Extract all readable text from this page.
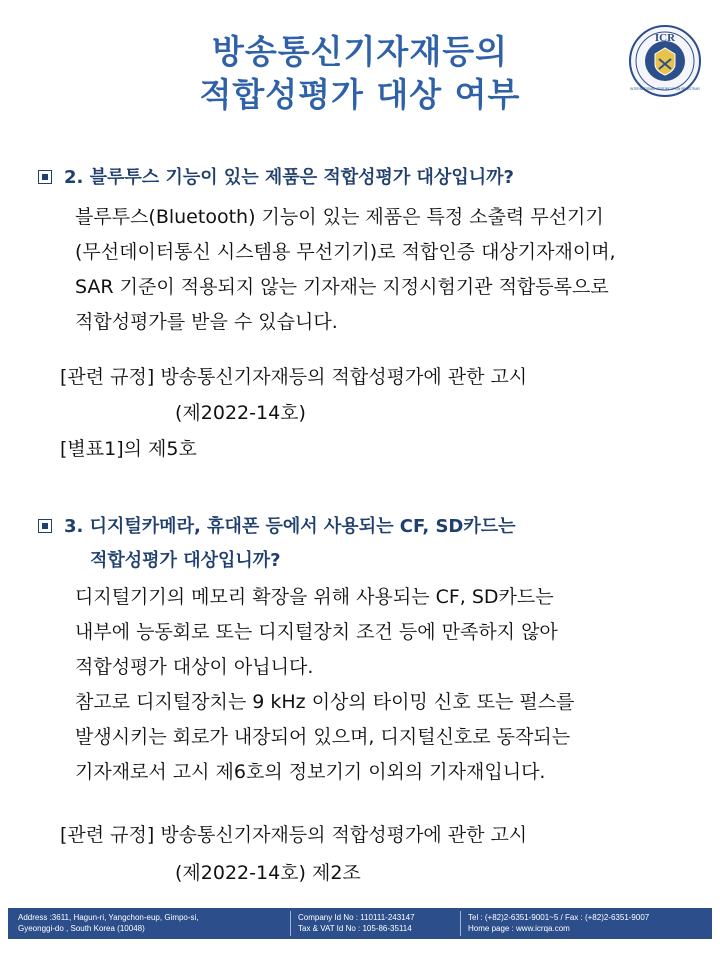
방송통신기자재등의
적합성평가 대상 여부
ICR
INTERNATIONAL CERTIFICATION REGISTRAR
2. 블루투스 기능이 있는 제품은 적합성평가 대상입니까?
블루투스(Bluetooth) 기능이 있는 제품은 특정 소출력 무선기기
(무선데이터통신 시스템용 무선기기)로 적합인증 대상기자재이며,
SAR 기준이 적용되지 않는 기자재는 지정시험기관 적합등록으로
적합성평가를 받을 수 있습니다.
[관련 규정] 방송통신기자재등의 적합성평가에 관한 고시
(제2022-14호)
[별표1]의 제5호
3. 디지털카메라, 휴대폰 등에서 사용되는 CF, SD카드는
적합성평가 대상입니까?
디지털기기의 메모리 확장을 위해 사용되는 CF, SD카드는
내부에 능동회로 또는 디지털장치 조건 등에 만족하지 않아
적합성평가 대상이 아닙니다.
참고로 디지털장치는 9 kHz 이상의 타이밍 신호 또는 펄스를
발생시키는 회로가 내장되어 있으며, 디지털신호로 동작되는
기자재로서 고시 제6호의 정보기기 이외의 기자재입니다.
[관련 규정] 방송통신기자재등의 적합성평가에 관한 고시
(제2022-14호) 제2조
Address :3611, Hagun-ri, Yangchon-eup, Gimpo-si,
Gyeonggi-do , South Korea (10048)
Company Id No : 110111-243147
Tax & VAT Id No : 105-86-35114
Tel : (+82)2-6351-9001~5 / Fax : (+82)2-6351-9007
Home page : www.icrqa.com
